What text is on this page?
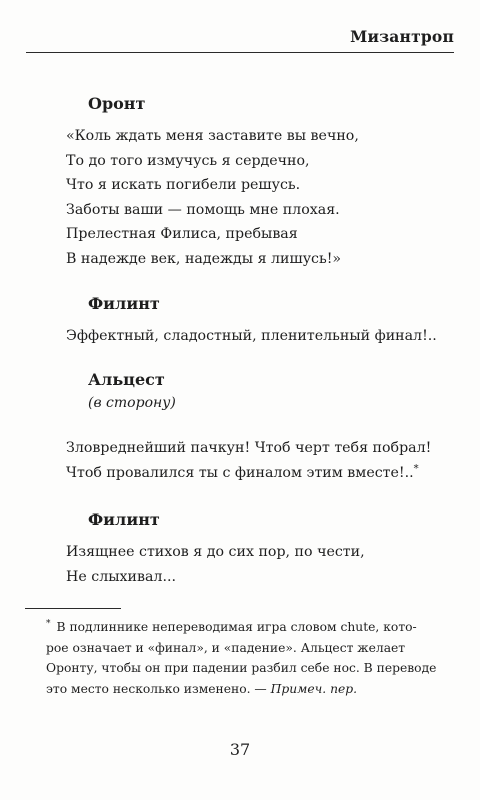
Мизантроп
Оронт
«Коль ждать меня заставите вы вечно,
То до того измучусь я сердечно,
Что я искать погибели решусь.
Заботы ваши — помощь мне плохая.
Прелестная Филиса, пребывая
В надежде век, надежды я лишусь!»
Филинт
Эффектный, сладостный, пленительный финал!..
Альцест
(в сторону)
Зловреднейший пачкун! Чтоб черт тебя побрал!
Чтоб провалился ты с финалом этим вместе!..*
Филинт
Изящнее стихов я до сих пор, по чести,
Не слыхивал...
* В подлиннике непереводимая игра словом chute, кото-
рое означает и «финал», и «падение». Альцест желает
Оронту, чтобы он при падении разбил себе нос. В переводе
это место несколько изменено. — Примеч. пер.
37
